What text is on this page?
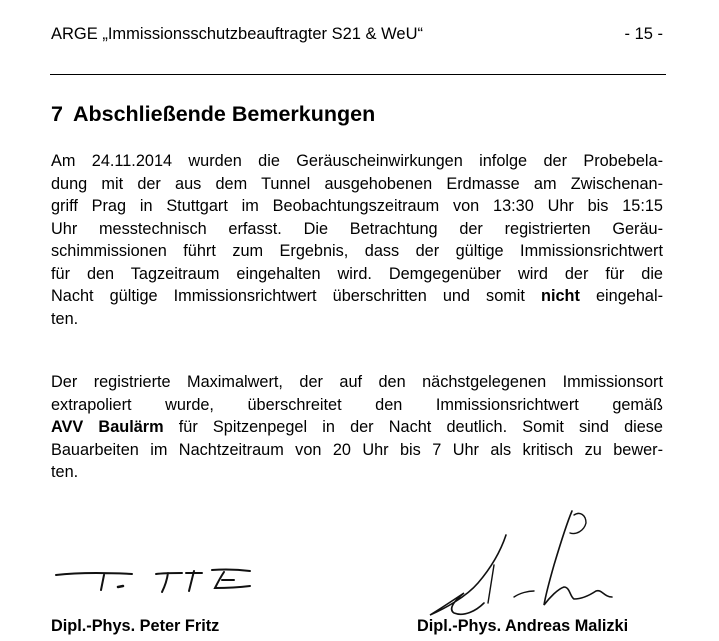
ARGE „Immissionsschutzbeauftragter S21 & WeU“	- 15 -
7 Abschließende Bemerkungen

Am 24.11.2014 wurden die Geräuscheinwirkungen infolge der Probebela-
dung mit der aus dem Tunnel ausgehobenen Erdmasse am Zwischenan-
griff Prag in Stuttgart im Beobachtungszeitraum von 13:30 Uhr bis 15:15
Uhr messtechnisch erfasst. Die Betrachtung der registrierten Geräu-
schimmissionen führt zum Ergebnis, dass der gültige Immissionsrichtwert
für den Tagzeitraum eingehalten wird. Demgegenüber wird der für die
Nacht gültige Immissionsrichtwert überschritten und somit nicht eingehal-
ten.

Der registrierte Maximalwert, der auf den nächstgelegenen Immissionsort
extrapoliert wurde, überschreitet den Immissionsrichtwert gemäß
AVV Baulärm für Spitzenpegel in der Nacht deutlich. Somit sind diese
Bauarbeiten im Nachtzeitraum von 20 Uhr bis 7 Uhr als kritisch zu bewer-
ten.

Dipl.-Phys. Peter Fritz	Dipl.-Phys. Andreas Malizki
